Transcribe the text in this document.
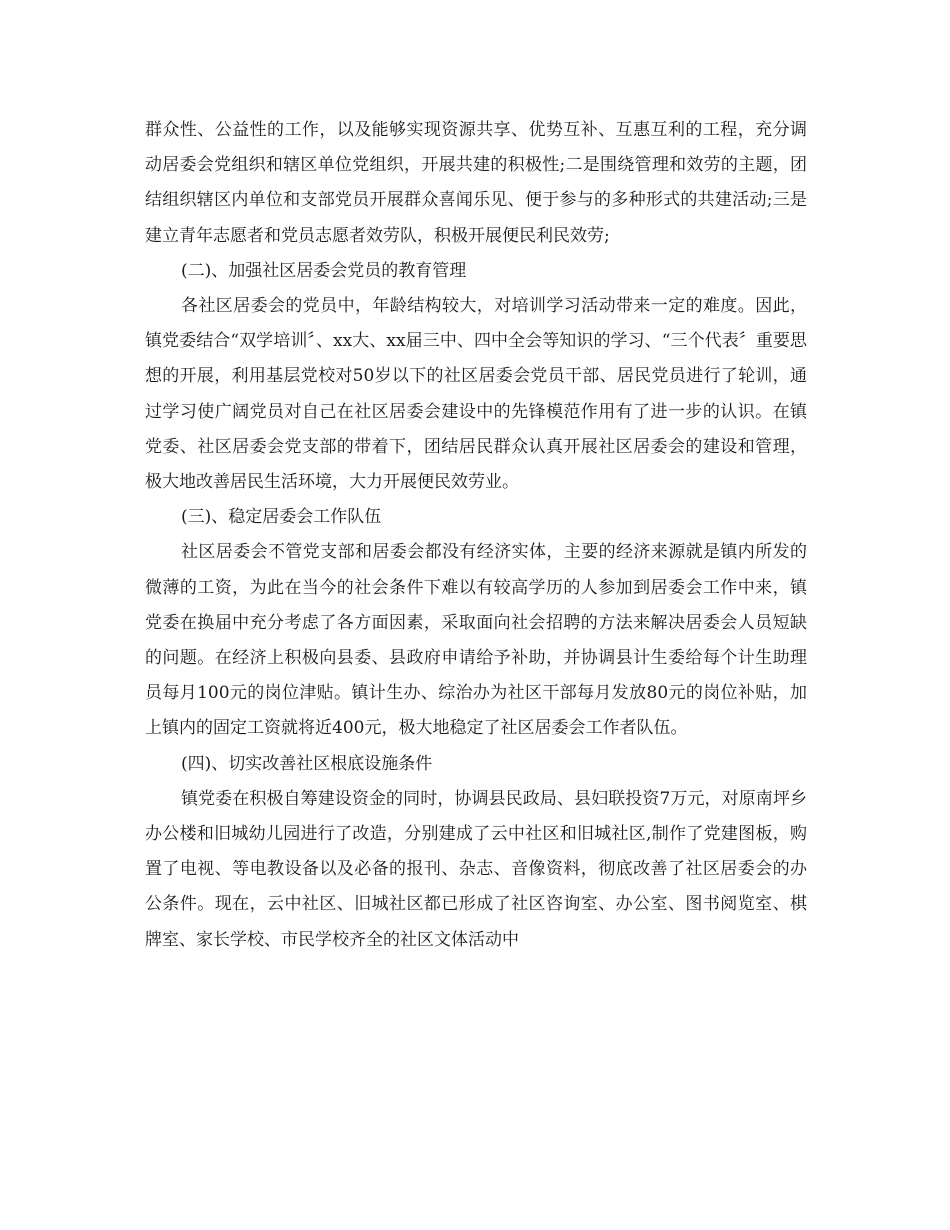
群众性、公益性的工作，以及能够实现资源共享、优势互补、互惠互利的工程，充分调动居委会党组织和辖区单位党组织，开展共建的积极性;二是围绕管理和效劳的主题，团结组织辖区内单位和支部党员开展群众喜闻乐见、便于参与的多种形式的共建活动;三是建立青年志愿者和党员志愿者效劳队，积极开展便民利民效劳;

(二)、加强社区居委会党员的教育管理

各社区居委会的党员中，年龄结构较大，对培训学习活动带来一定的难度。因此，镇党委结合“双学培训〞、xx大、xx届三中、四中全会等知识的学习、“三个代表〞重要思想的开展，利用基层党校对50岁以下的社区居委会党员干部、居民党员进行了轮训，通过学习使广阔党员对自己在社区居委会建设中的先锋模范作用有了进一步的认识。在镇党委、社区居委会党支部的带着下，团结居民群众认真开展社区居委会的建设和管理，极大地改善居民生活环境，大力开展便民效劳业。

(三)、稳定居委会工作队伍

社区居委会不管党支部和居委会都没有经济实体，主要的经济来源就是镇内所发的微薄的工资，为此在当今的社会条件下难以有较高学历的人参加到居委会工作中来，镇党委在换届中充分考虑了各方面因素，采取面向社会招聘的方法来解决居委会人员短缺的问题。在经济上积极向县委、县政府申请给予补助，并协调县计生委给每个计生助理员每月100元的岗位津贴。镇计生办、综治办为社区干部每月发放80元的岗位补贴，加上镇内的固定工资就将近400元，极大地稳定了社区居委会工作者队伍。

(四)、切实改善社区根底设施条件

镇党委在积极自筹建设资金的同时，协调县民政局、县妇联投资7万元，对原南坪乡办公楼和旧城幼儿园进行了改造，分别建成了云中社区和旧城社区,制作了党建图板，购置了电视、等电教设备以及必备的报刊、杂志、音像资料，彻底改善了社区居委会的办公条件。现在，云中社区、旧城社区都已形成了社区咨询室、办公室、图书阅览室、棋牌室、家长学校、市民学校齐全的社区文体活动中
